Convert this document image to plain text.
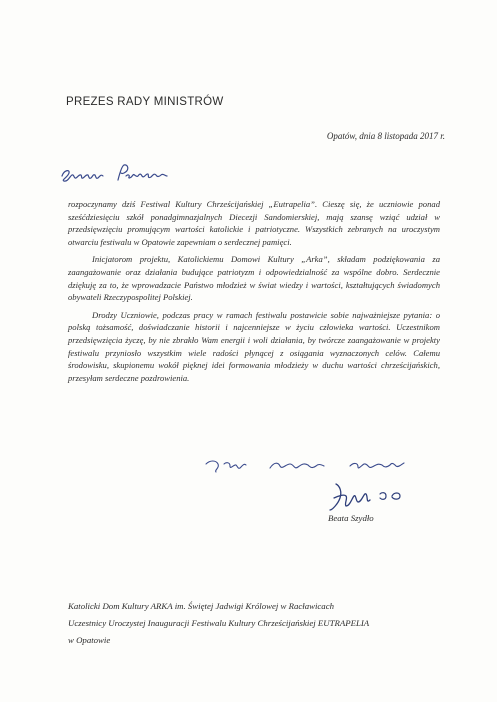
PREZES RADY MINISTRÓW
Opatów, dnia 8 listopada 2017 r.

rozpoczynamy dziś Festiwal Kultury Chrześcijańskiej „Eutrapelia”. Cieszę się, że uczniowie ponad sześćdziesięciu szkół ponadgimnazjalnych Diecezji Sandomierskiej, mają szansę wziąć udział w przedsięwzięciu promującym wartości katolickie i patriotyczne. Wszystkich zebranych na uroczystym otwarciu festiwalu w Opatowie zapewniam o serdecznej pamięci.

Inicjatorom projektu, Katolickiemu Domowi Kultury „Arka”, składam podziękowania za zaangażowanie oraz działania budujące patriotyzm i odpowiedzialność za wspólne dobro. Serdecznie dziękuję za to, że wprowadzacie Państwo młodzież w świat wiedzy i wartości, kształtujących świadomych obywateli Rzeczypospolitej Polskiej.

Drodzy Uczniowie, podczas pracy w ramach festiwalu postawicie sobie najważniejsze pytania: o polską tożsamość, doświadczanie historii i najcenniejsze w życiu człowieka wartości. Uczestnikom przedsięwzięcia życzę, by nie zbrakło Wam energii i woli działania, by twórcze zaangażowanie w projekty festiwalu przyniosło wszystkim wiele radości płynącej z osiągania wyznaczonych celów. Całemu środowisku, skupionemu wokół pięknej idei formowania młodzieży w duchu wartości chrześcijańskich, przesyłam serdeczne pozdrowienia.

Beata Szydło
Katolicki Dom Kultury ARKA im. Świętej Jadwigi Królowej w Racławicach
Uczestnicy Uroczystej Inauguracji Festiwalu Kultury Chrześcijańskiej EUTRAPELIA
w Opatowie
